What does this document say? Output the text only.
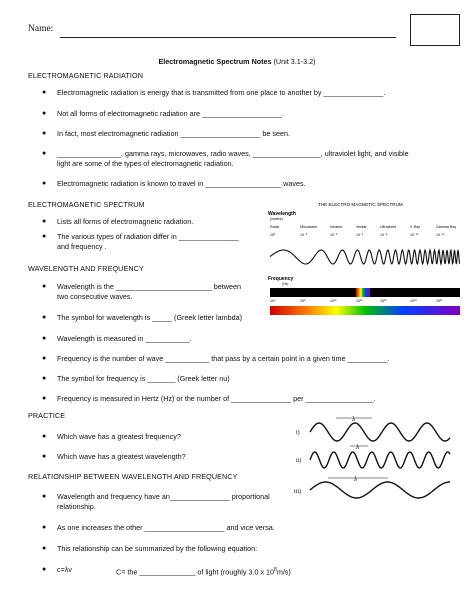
Name:
Electromagnetic Spectrum Notes (Unit 3.1-3.2)
ELECTROMAGNETIC RADIATION
● Electromagnetic radiation is energy that is transmitted from one place to another by _______________.
● Not all forms of electromagnetic radiation are ____________________.
● In fact, most electromagnetic radiation ____________________ be seen.
● ________________, gamma rays, microwaves, radio waves, _________________, ultraviolet light, and visible
light are some of the types of electromagnetic radiation.
● Electromagnetic radiation is known to travel in ___________________ waves.
ELECTROMAGNETIC SPECTRUM
● Lists all forms of electromagnetic radiation.
● The various types of radiation differ in _______________
and frequency .
WAVELENGTH AND FREQUENCY
● Wavelength is the ________________________ between
two consecutive waves.
● The symbol for wavelength is _____ (Greek letter lambda)
● Wavelength is measured in ___________.
● Frequency is the number of wave ___________ that pass by a certain point in a given time __________.
● The symbol for frequency is _______ (Greek letter nu)
● Frequency is measured in Hertz (Hz) or the number of _______________ per _________________.
PRACTICE
● Which wave has a greatest frequency?
● Which wave has a greatest wavelength?
RELATIONSHIP BETWEEN WAVELENGTH AND FREQUENCY
● Wavelength and frequency have an_______________ proportional
relationship.
● As one increases the other ____________________ and vice versa.
● This relationship can be summarized by the following equation:
● c=λv	C= the ______________ of light (roughly 3.0 x $10^8m/s$)
THE ELECTRO MAGNETIC SPECTRUM
Wavelength
(meters)
Radio	Microwave	Infrared	Visible	Ultraviolet	X-Ray	Gamma Ray
10³	10⁻²	10⁻⁵	10⁻⁶	10⁻⁸	10⁻¹⁰	10⁻¹²
Frequency
(Hz)
10⁴	10⁸	10¹²	10¹⁵	10¹⁶	10¹⁸	10²⁰
i)
ii)
iii)
λ
λ
λ
